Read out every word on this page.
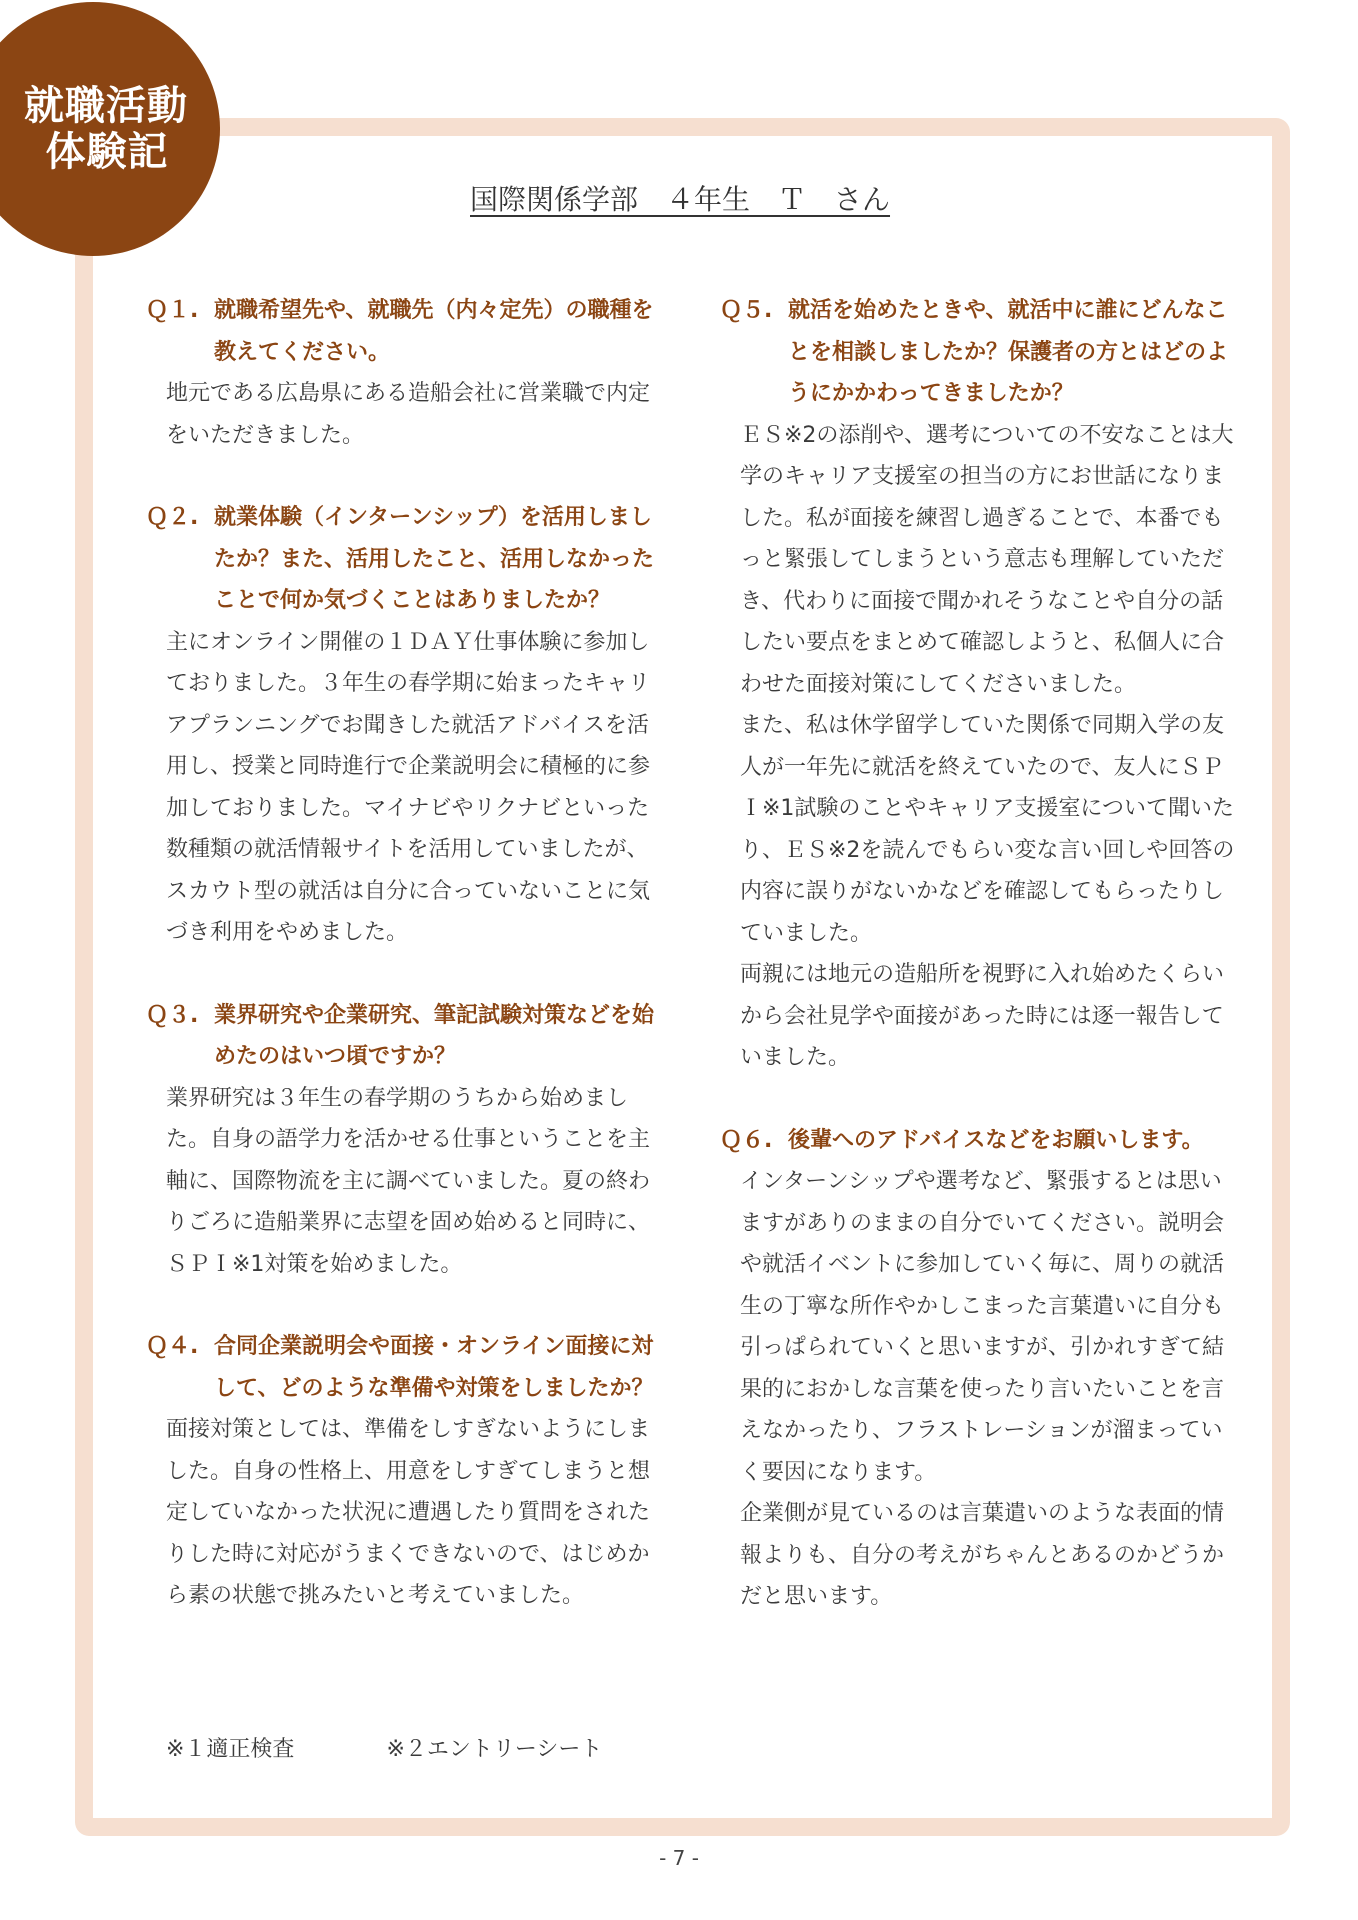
就職活動
体験記
国際関係学部　４年生　Ｔ　さん
Ｑ１. 就職希望先や、就職先（内々定先）の職種を教えてください。

地元である広島県にある造船会社に営業職で内定をいただきました。

Ｑ２. 就業体験（インターンシップ）を活用しましたか？また、活用したこと、活用しなかったことで何か気づくことはありましたか？

主にオンライン開催の１ＤＡＹ仕事体験に参加しておりました。３年生の春学期に始まったキャリアプランニングでお聞きした就活アドバイスを活用し、授業と同時進行で企業説明会に積極的に参加しておりました。マイナビやリクナビといった数種類の就活情報サイトを活用していましたが、スカウト型の就活は自分に合っていないことに気づき利用をやめました。

Ｑ３. 業界研究や企業研究、筆記試験対策などを始めたのはいつ頃ですか？

業界研究は３年生の春学期のうちから始めました。自身の語学力を活かせる仕事ということを主軸に、国際物流を主に調べていました。夏の終わりごろに造船業界に志望を固め始めると同時に、ＳＰＩ※1対策を始めました。

Ｑ４. 合同企業説明会や面接・オンライン面接に対して、どのような準備や対策をしましたか？

面接対策としては、準備をしすぎないようにしました。自身の性格上、用意をしすぎてしまうと想定していなかった状況に遭遇したり質問をされたりした時に対応がうまくできないので、はじめから素の状態で挑みたいと考えていました。

Ｑ５. 就活を始めたときや、就活中に誰にどんなことを相談しましたか？保護者の方とはどのようにかかわってきましたか？

ＥＳ※2の添削や、選考についての不安なことは大学のキャリア支援室の担当の方にお世話になりました。私が面接を練習し過ぎることで、本番でもっと緊張してしまうという意志も理解していただき、代わりに面接で聞かれそうなことや自分の話したい要点をまとめて確認しようと、私個人に合わせた面接対策にしてくださいました。

また、私は休学留学していた関係で同期入学の友人が一年先に就活を終えていたので、友人にＳＰＩ※1試験のことやキャリア支援室について聞いたり、ＥＳ※2を読んでもらい変な言い回しや回答の内容に誤りがないかなどを確認してもらったりしていました。

両親には地元の造船所を視野に入れ始めたくらいから会社見学や面接があった時には逐一報告していました。

Ｑ６. 後輩へのアドバイスなどをお願いします。

インターンシップや選考など、緊張するとは思いますがありのままの自分でいてください。説明会や就活イベントに参加していく毎に、周りの就活生の丁寧な所作やかしこまった言葉遣いに自分も引っぱられていくと思いますが、引かれすぎて結果的におかしな言葉を使ったり言いたいことを言えなかったり、フラストレーションが溜まっていく要因になります。

企業側が見ているのは言葉遣いのような表面的情報よりも、自分の考えがちゃんとあるのかどうかだと思います。

※１適正検査	※２エントリーシート
- 7 -
